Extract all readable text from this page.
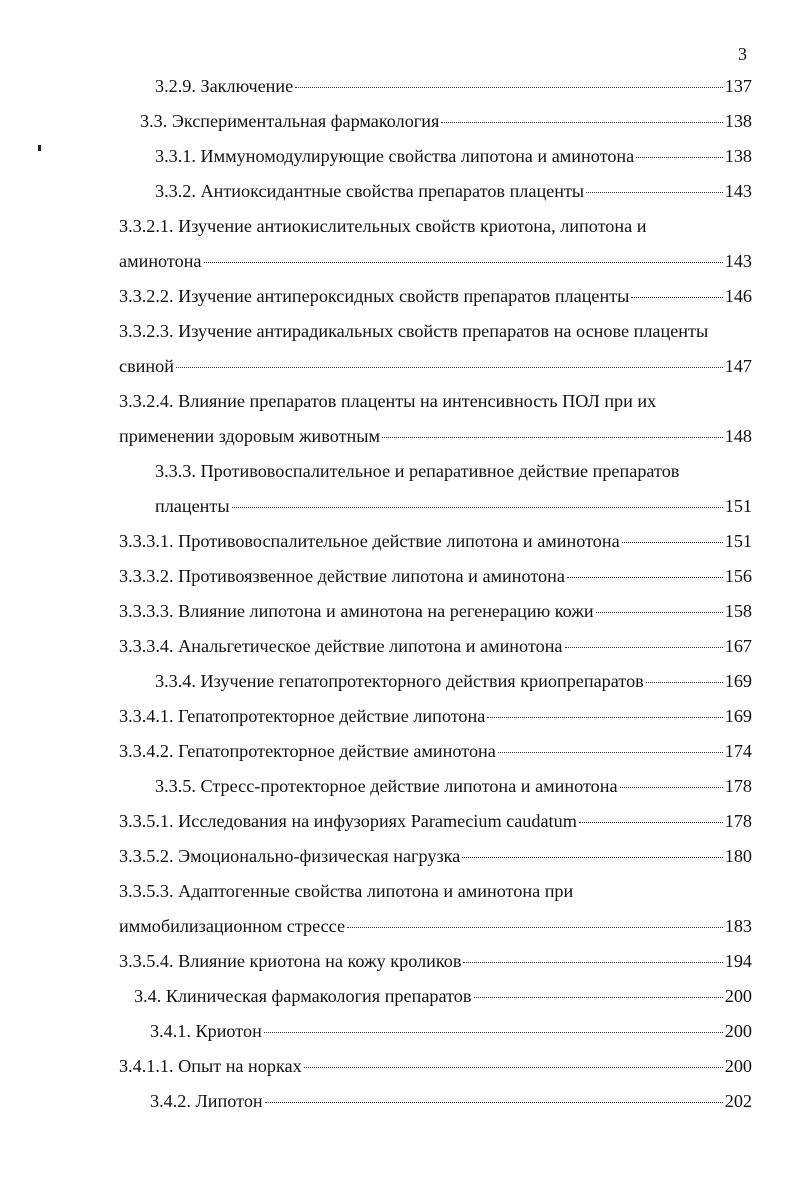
3
3.2.9. Заключение	137
3.3. Экспериментальная фармакология	138
3.3.1. Иммуномодулирующие свойства липотона и аминотона	138
3.3.2. Антиоксидантные свойства препаратов плаценты	143
3.3.2.1. Изучение антиокислительных свойств криотона, липотона и
аминотона	143
3.3.2.2. Изучение антипероксидных свойств препаратов плаценты	146
3.3.2.3. Изучение антирадикальных свойств препаратов на основе плаценты
свиной	147
3.3.2.4. Влияние препаратов плаценты на интенсивность ПОЛ при их
применении здоровым животным	148
3.3.3. Противовоспалительное и репаративное действие препаратов
плаценты	151
3.3.3.1. Противовоспалительное действие липотона и аминотона	151
3.3.3.2. Противоязвенное действие липотона и аминотона	156
3.3.3.3. Влияние липотона и аминотона на регенерацию кожи	158
3.3.3.4. Анальгетическое действие липотона и аминотона	167
3.3.4. Изучение гепатопротекторного действия криопрепаратов	169
3.3.4.1. Гепатопротекторное действие липотона	169
3.3.4.2. Гепатопротекторное действие аминотона	174
3.3.5. Стресс-протекторное действие липотона и аминотона	178
3.3.5.1. Исследования на инфузориях Paramecium caudatum	178
3.3.5.2. Эмоционально-физическая нагрузка	180
3.3.5.3. Адаптогенные свойства липотона и аминотона при
иммобилизационном стрессе	183
3.3.5.4. Влияние криотона на кожу кроликов	194
3.4. Клиническая фармакология препаратов	200
3.4.1. Криотон	200
3.4.1.1. Опыт на норках	200
3.4.2. Липотон	202
